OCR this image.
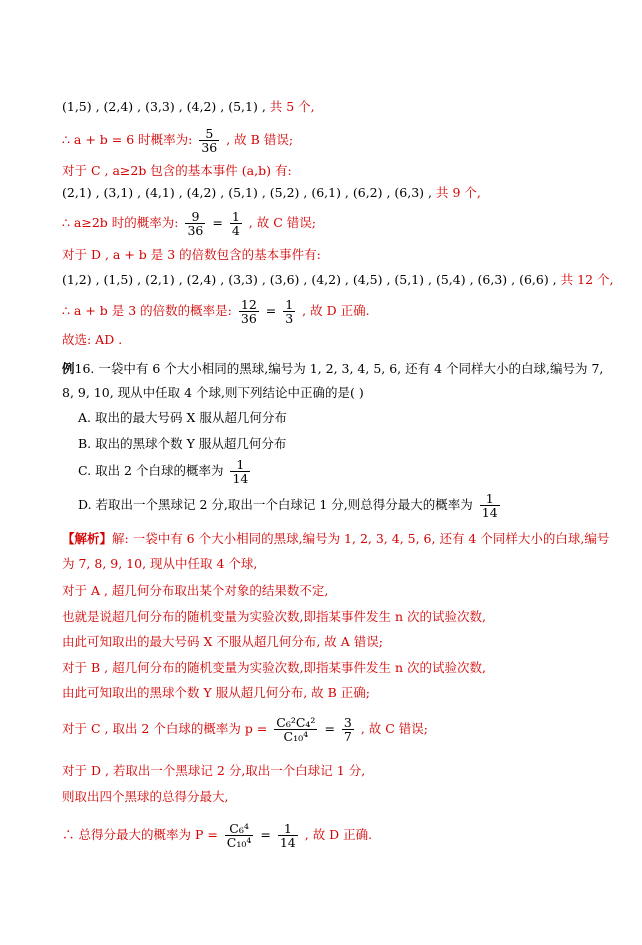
(1,5) , (2,4) , (3,3) , (4,2) , (5,1) , 共 5 个,
∴ a + b = 6 时概率为: $\frac{5}{36}$ , 故 B 错误;
对于 C , a≥2b 包含的基本事件 (a,b) 有:
(2,1) , (3,1) , (4,1) , (4,2) , (5,1) , (5,2) , (6,1) , (6,2) , (6,3) , 共 9 个,
∴ a≥2b 时的概率为: $\frac{9}{36} = \frac{1}{4}$ , 故 C 错误;
对于 D , a + b 是 3 的倍数包含的基本事件有:
(1,2) , (1,5) , (2,1) , (2,4) , (3,3) , (3,6) , (4,2) , (4,5) , (5,1) , (5,4) , (6,3) , (6,6) , 共 12 个,
∴ a + b 是 3 的倍数的概率是: $\frac{12}{36} = \frac{1}{3}$ , 故 D 正确.
故选: AD .
例16. 一袋中有 6 个大小相同的黑球,编号为 1, 2, 3, 4, 5, 6, 还有 4 个同样大小的白球,编号为 7,
8, 9, 10, 现从中任取 4 个球,则下列结论中正确的是( )
A. 取出的最大号码 X 服从超几何分布
B. 取出的黑球个数 Y 服从超几何分布
C. 取出 2 个白球的概率为 $\frac{1}{14}$
D. 若取出一个黑球记 2 分,取出一个白球记 1 分,则总得分最大的概率为 $\frac{1}{14}$
【解析】解: 一袋中有 6 个大小相同的黑球,编号为 1, 2, 3, 4, 5, 6, 还有 4 个同样大小的白球,编号
为 7, 8, 9, 10, 现从中任取 4 个球,
对于 A , 超几何分布取出某个对象的结果数不定,
也就是说超几何分布的随机变量为实验次数,即指某事件发生 n 次的试验次数,
由此可知取出的最大号码 X 不服从超几何分布, 故 A 错误;
对于 B , 超几何分布的随机变量为实验次数,即指某事件发生 n 次的试验次数,
由此可知取出的黑球个数 Y 服从超几何分布, 故 B 正确;
对于 C , 取出 2 个白球的概率为 $p = \frac{\text{C₆²C₄²}}{\text{C₁₀⁴}} = \frac{3}{7}$ , 故 C 错误;
对于 D , 若取出一个黑球记 2 分,取出一个白球记 1 分,
则取出四个黑球的总得分最大,
∴ 总得分最大的概率为 $P = \frac{\text{C₆⁴}}{\text{C₁₀⁴}} = \frac{1}{14}$ , 故 D 正确.
